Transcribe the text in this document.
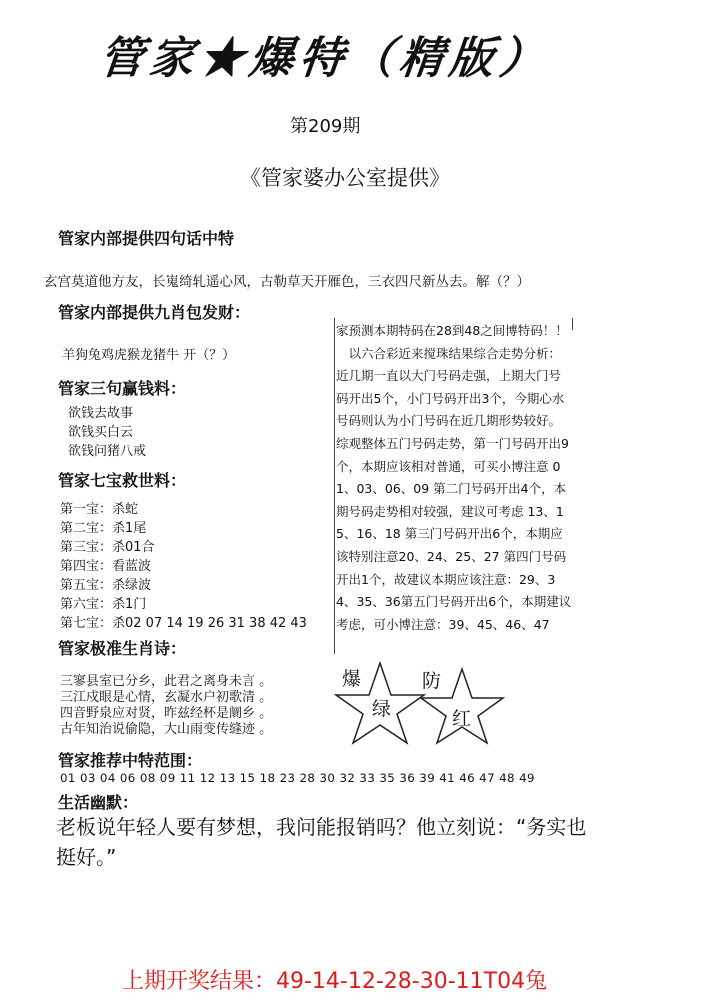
管家★爆特（精版）
第209期
《管家婆办公室提供》
管家内部提供四句话中特
玄宫莫道他方友，长嵬绮轧遥心风，古勒草天开雁色，三衣四尺新丛去。解（？）
管家内部提供九肖包发财：
羊狗兔鸡虎猴龙猪牛 开（？）
管家三句赢钱料：
欲钱去故事
欲钱买白云
欲钱问猪八戒
管家七宝救世料：
第一宝：杀蛇
第二宝：杀1尾
第三宝：杀01合
第四宝：看蓝波
第五宝：杀绿波
第六宝：杀1门
第七宝：杀02 07 14 19 26 31 38 42 43
管家极准生肖诗：
三寥县室已分乡，此君之离身未言 。
三江戍眼是心情，玄凝水户初歌清 。
四音野泉应对贤，昨兹经杯是阛乡 。
古年知治说偷隐，大山雨变传缝迹 。
管家推荐中特范围：
01 03 04 06 08 09 11 12 13 15 18 23 28 30 32 33 35 36 39 41 46 47 48 49
生活幽默：
老板说年轻人要有梦想，我问能报销吗？他立刻说：“务实也挺好。”
家预测本期特码在28到48之间博特码！！
　以六合彩近来搅珠结果综合走势分析：近几期一直以大门号码走强，上期大门号码开出5个，小门号码开出3个，今期心水号码则认为小门号码在近几期形势较好。综观整体五门号码走势，第一门号码开出9个，本期应该相对普通，可买小博注意 01、03、06、09 第二门号码开出4个，本期号码走势相对较强，建议可考虑 13、15、16、18 第三门号码开出6个，本期应该特别注意20、24、25、27 第四门号码开出1个，故建议本期应该注意：29、34、35、36第五门号码开出6个，本期建议考虑，可小博注意：39、45、46、47
爆
绿
防
红
上期开奖结果：49-14-12-28-30-11T04兔
